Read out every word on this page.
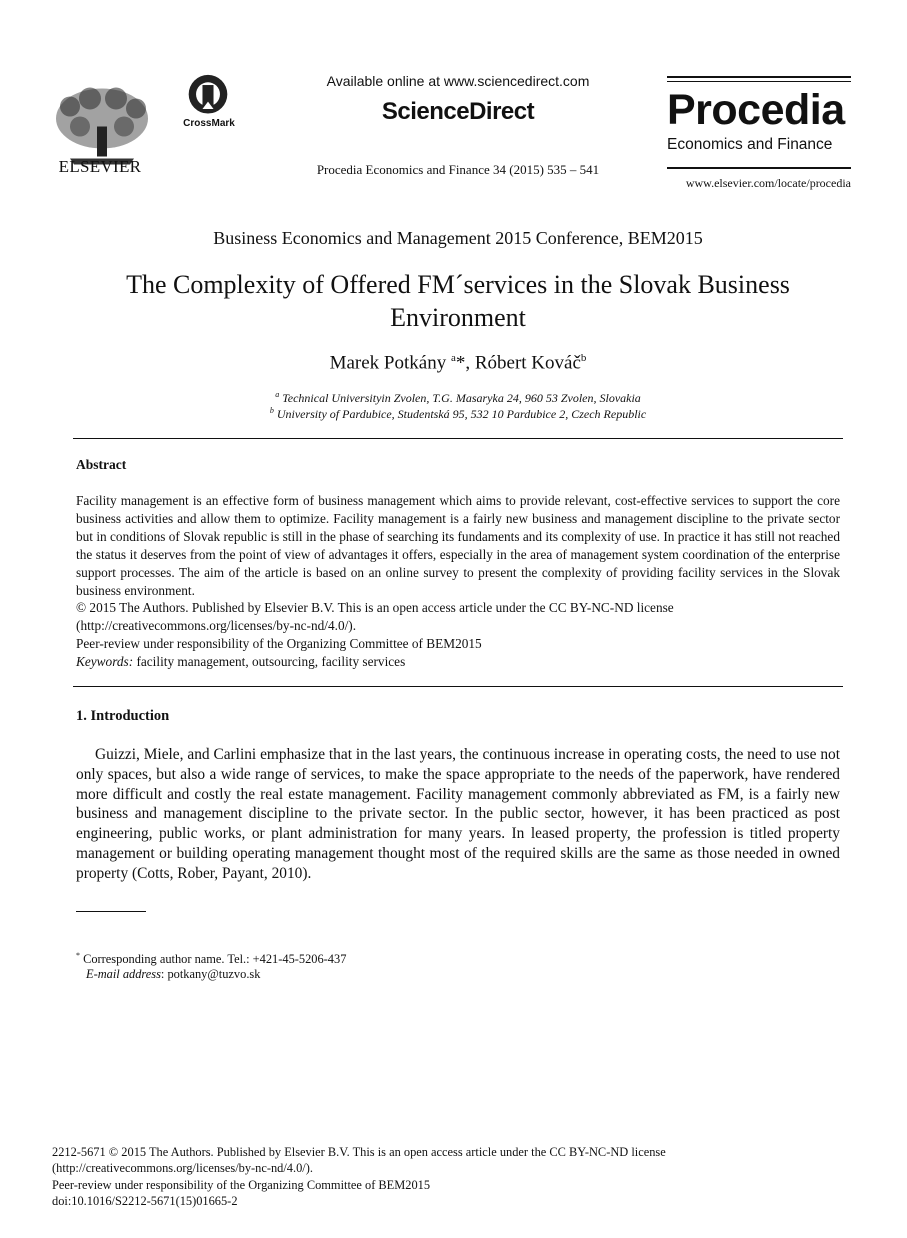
ELSEVIER
CrossMark
Available online at www.sciencedirect.com
ScienceDirect
Procedia Economics and Finance 34 (2015) 535 – 541
Procedia
Economics and Finance
www.elsevier.com/locate/procedia
Business Economics and Management 2015 Conference, BEM2015
The Complexity of Offered FM´services in the Slovak Business
Environment
Marek Potkány $^a$*, Róbert Kováč$^b$
$^a$ Technical Universityin Zvolen, T.G. Masaryka 24, 960 53 Zvolen, Slovakia
$^b$ University of Pardubice, Studentská 95, 532 10 Pardubice 2, Czech Republic
Abstract
Facility management is an effective form of business management which aims to provide relevant, cost-effective services to support the core business activities and allow them to optimize. Facility management is a fairly new business and management discipline to the private sector but in conditions of Slovak republic is still in the phase of searching its fundaments and its complexity of use. In practice it has still not reached the status it deserves from the point of view of advantages it offers, especially in the area of management system coordination of the enterprise support processes. The aim of the article is based on an online survey to present the complexity of providing facility services in the Slovak business environment.
© 2015 The Authors. Published by Elsevier B.V. This is an open access article under the CC BY-NC-ND license
(http://creativecommons.org/licenses/by-nc-nd/4.0/).
Peer-review under responsibility of the Organizing Committee of BEM2015
Keywords: facility management, outsourcing, facility services
1. Introduction
Guizzi, Miele, and Carlini emphasize that in the last years, the continuous increase in operating costs, the need to use not only spaces, but also a wide range of services, to make the space appropriate to the needs of the paperwork, have rendered more difficult and costly the real estate management. Facility management commonly abbreviated as FM, is a fairly new business and management discipline to the private sector. In the public sector, however, it has been practiced as post engineering, public works, or plant administration for many years. In leased property, the profession is titled property management or building operating management thought most of the required skills are the same as those needed in owned property (Cotts, Rober, Payant, 2010).
* Corresponding author name. Tel.: +421-45-5206-437
E-mail address: potkany@tuzvo.sk
2212-5671 © 2015 The Authors. Published by Elsevier B.V. This is an open access article under the CC BY-NC-ND license
(http://creativecommons.org/licenses/by-nc-nd/4.0/).
Peer-review under responsibility of the Organizing Committee of BEM2015
doi:10.1016/S2212-5671(15)01665-2
